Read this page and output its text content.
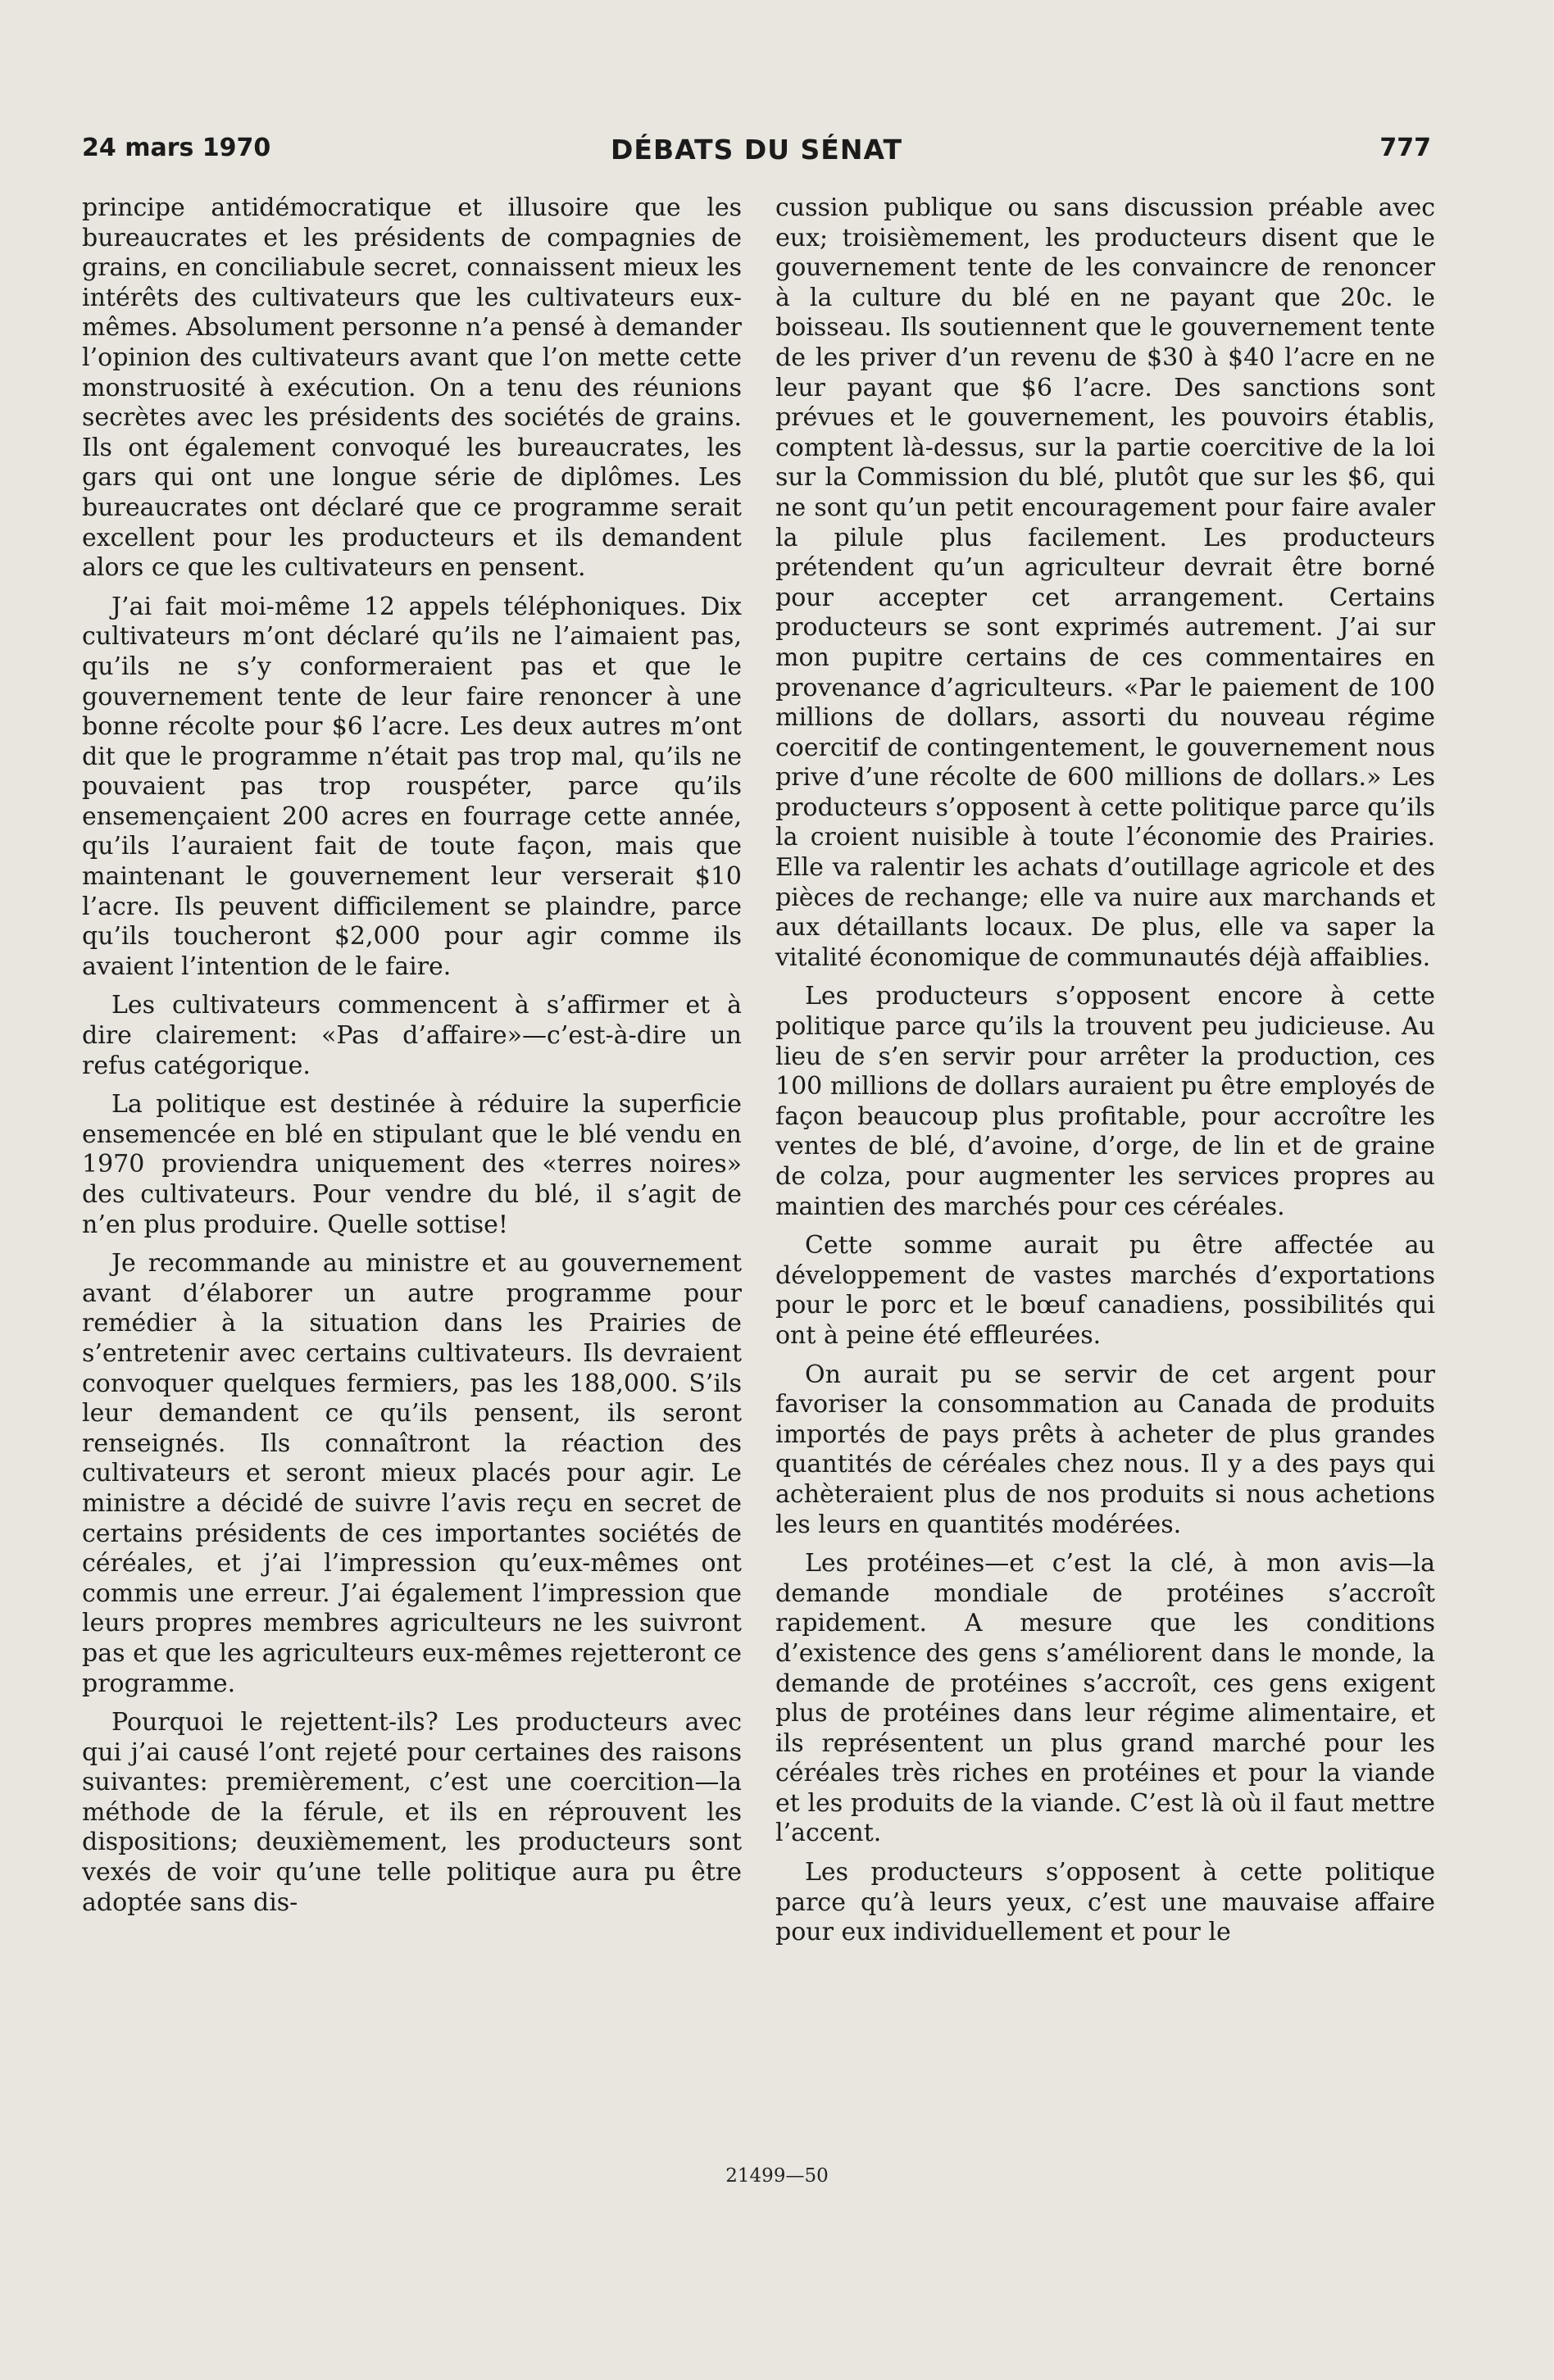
24 mars 1970	DÉBATS DU SÉNAT	777

principe antidémocratique et illusoire que les bureaucrates et les présidents de compagnies de grains, en conciliabule secret, connaissent mieux les intérêts des cultivateurs que les cultivateurs eux-mêmes. Absolument personne n’a pensé à demander l’opinion des cultivateurs avant que l’on mette cette monstruosité à exécution. On a tenu des réunions secrètes avec les présidents des sociétés de grains. Ils ont également convoqué les bureaucrates, les gars qui ont une longue série de diplômes. Les bureaucrates ont déclaré que ce programme serait excellent pour les producteurs et ils demandent alors ce que les cultivateurs en pensent.

J’ai fait moi-même 12 appels téléphoniques. Dix cultivateurs m’ont déclaré qu’ils ne l’aimaient pas, qu’ils ne s’y conformeraient pas et que le gouvernement tente de leur faire renoncer à une bonne récolte pour $6 l’acre. Les deux autres m’ont dit que le programme n’était pas trop mal, qu’ils ne pouvaient pas trop rouspéter, parce qu’ils ensemençaient 200 acres en fourrage cette année, qu’ils l’auraient fait de toute façon, mais que maintenant le gouvernement leur verserait $10 l’acre. Ils peuvent difficilement se plaindre, parce qu’ils toucheront $2,000 pour agir comme ils avaient l’intention de le faire.

Les cultivateurs commencent à s’affirmer et à dire clairement: «Pas d’affaire»—c’est-à-dire un refus catégorique.

La politique est destinée à réduire la superficie ensemencée en blé en stipulant que le blé vendu en 1970 proviendra uniquement des «terres noires» des cultivateurs. Pour vendre du blé, il s’agit de n’en plus produire. Quelle sottise!

Je recommande au ministre et au gouvernement avant d’élaborer un autre programme pour remédier à la situation dans les Prairies de s’entretenir avec certains cultivateurs. Ils devraient convoquer quelques fermiers, pas les 188,000. S’ils leur demandent ce qu’ils pensent, ils seront renseignés. Ils connaîtront la réaction des cultivateurs et seront mieux placés pour agir. Le ministre a décidé de suivre l’avis reçu en secret de certains présidents de ces importantes sociétés de céréales, et j’ai l’impression qu’eux-mêmes ont commis une erreur. J’ai également l’impression que leurs propres membres agriculteurs ne les suivront pas et que les agriculteurs eux-mêmes rejetteront ce programme.

Pourquoi le rejettent-ils? Les producteurs avec qui j’ai causé l’ont rejeté pour certaines des raisons suivantes: premièrement, c’est une coercition—la méthode de la férule, et ils en réprouvent les dispositions; deuxièmement, les producteurs sont vexés de voir qu’une telle politique aura pu être adoptée sans dis-

cussion publique ou sans discussion préable avec eux; troisièmement, les producteurs disent que le gouvernement tente de les convaincre de renoncer à la culture du blé en ne payant que 20c. le boisseau. Ils soutiennent que le gouvernement tente de les priver d’un revenu de $30 à $40 l’acre en ne leur payant que $6 l’acre. Des sanctions sont prévues et le gouvernement, les pouvoirs établis, comptent là-dessus, sur la partie coercitive de la loi sur la Commission du blé, plutôt que sur les $6, qui ne sont qu’un petit encouragement pour faire avaler la pilule plus facilement. Les producteurs prétendent qu’un agriculteur devrait être borné pour accepter cet arrangement. Certains producteurs se sont exprimés autrement. J’ai sur mon pupitre certains de ces commentaires en provenance d’agriculteurs. «Par le paiement de 100 millions de dollars, assorti du nouveau régime coercitif de contingentement, le gouvernement nous prive d’une récolte de 600 millions de dollars.» Les producteurs s’opposent à cette politique parce qu’ils la croient nuisible à toute l’économie des Prairies. Elle va ralentir les achats d’outillage agricole et des pièces de rechange; elle va nuire aux marchands et aux détaillants locaux. De plus, elle va saper la vitalité économique de communautés déjà affaiblies.

Les producteurs s’opposent encore à cette politique parce qu’ils la trouvent peu judicieuse. Au lieu de s’en servir pour arrêter la production, ces 100 millions de dollars auraient pu être employés de façon beaucoup plus profitable, pour accroître les ventes de blé, d’avoine, d’orge, de lin et de graine de colza, pour augmenter les services propres au maintien des marchés pour ces céréales.

Cette somme aurait pu être affectée au développement de vastes marchés d’exportations pour le porc et le bœuf canadiens, possibilités qui ont à peine été effleurées.

On aurait pu se servir de cet argent pour favoriser la consommation au Canada de produits importés de pays prêts à acheter de plus grandes quantités de céréales chez nous. Il y a des pays qui achèteraient plus de nos produits si nous achetions les leurs en quantités modérées.

Les protéines—et c’est la clé, à mon avis—la demande mondiale de protéines s’accroît rapidement. A mesure que les conditions d’existence des gens s’améliorent dans le monde, la demande de protéines s’accroît, ces gens exigent plus de protéines dans leur régime alimentaire, et ils représentent un plus grand marché pour les céréales très riches en protéines et pour la viande et les produits de la viande. C’est là où il faut mettre l’accent.

Les producteurs s’opposent à cette politique parce qu’à leurs yeux, c’est une mauvaise affaire pour eux individuellement et pour le

21499—50
